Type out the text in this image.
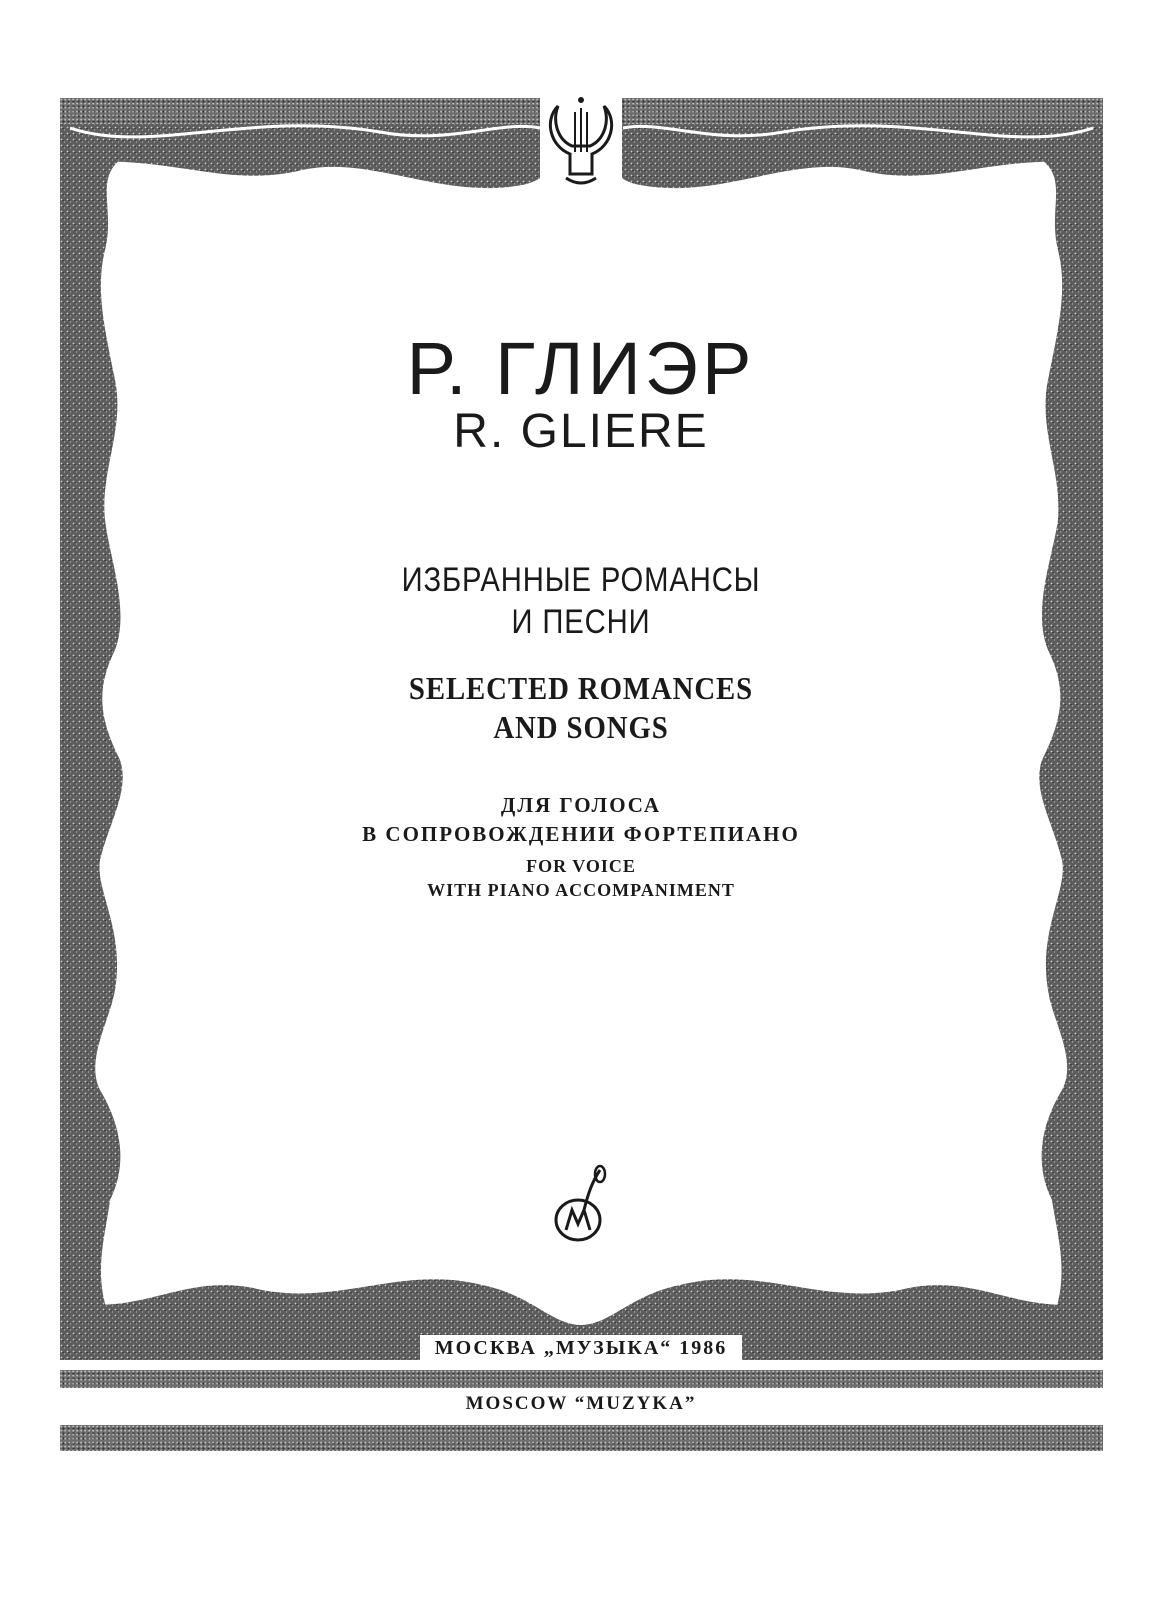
Р. ГЛИЭР
R. GLIERE
ИЗБРАННЫЕ РОМАНСЫ
И ПЕСНИ
SELECTED ROMANCES
AND SONGS
ДЛЯ ГОЛОСА
В СОПРОВОЖДЕНИИ ФОРТЕПИАНО
FOR VOICE
WITH PIANO ACCOMPANIMENT
МОСКВА „МУЗЫКА“ 1986
MOSCOW “MUZYKA”
